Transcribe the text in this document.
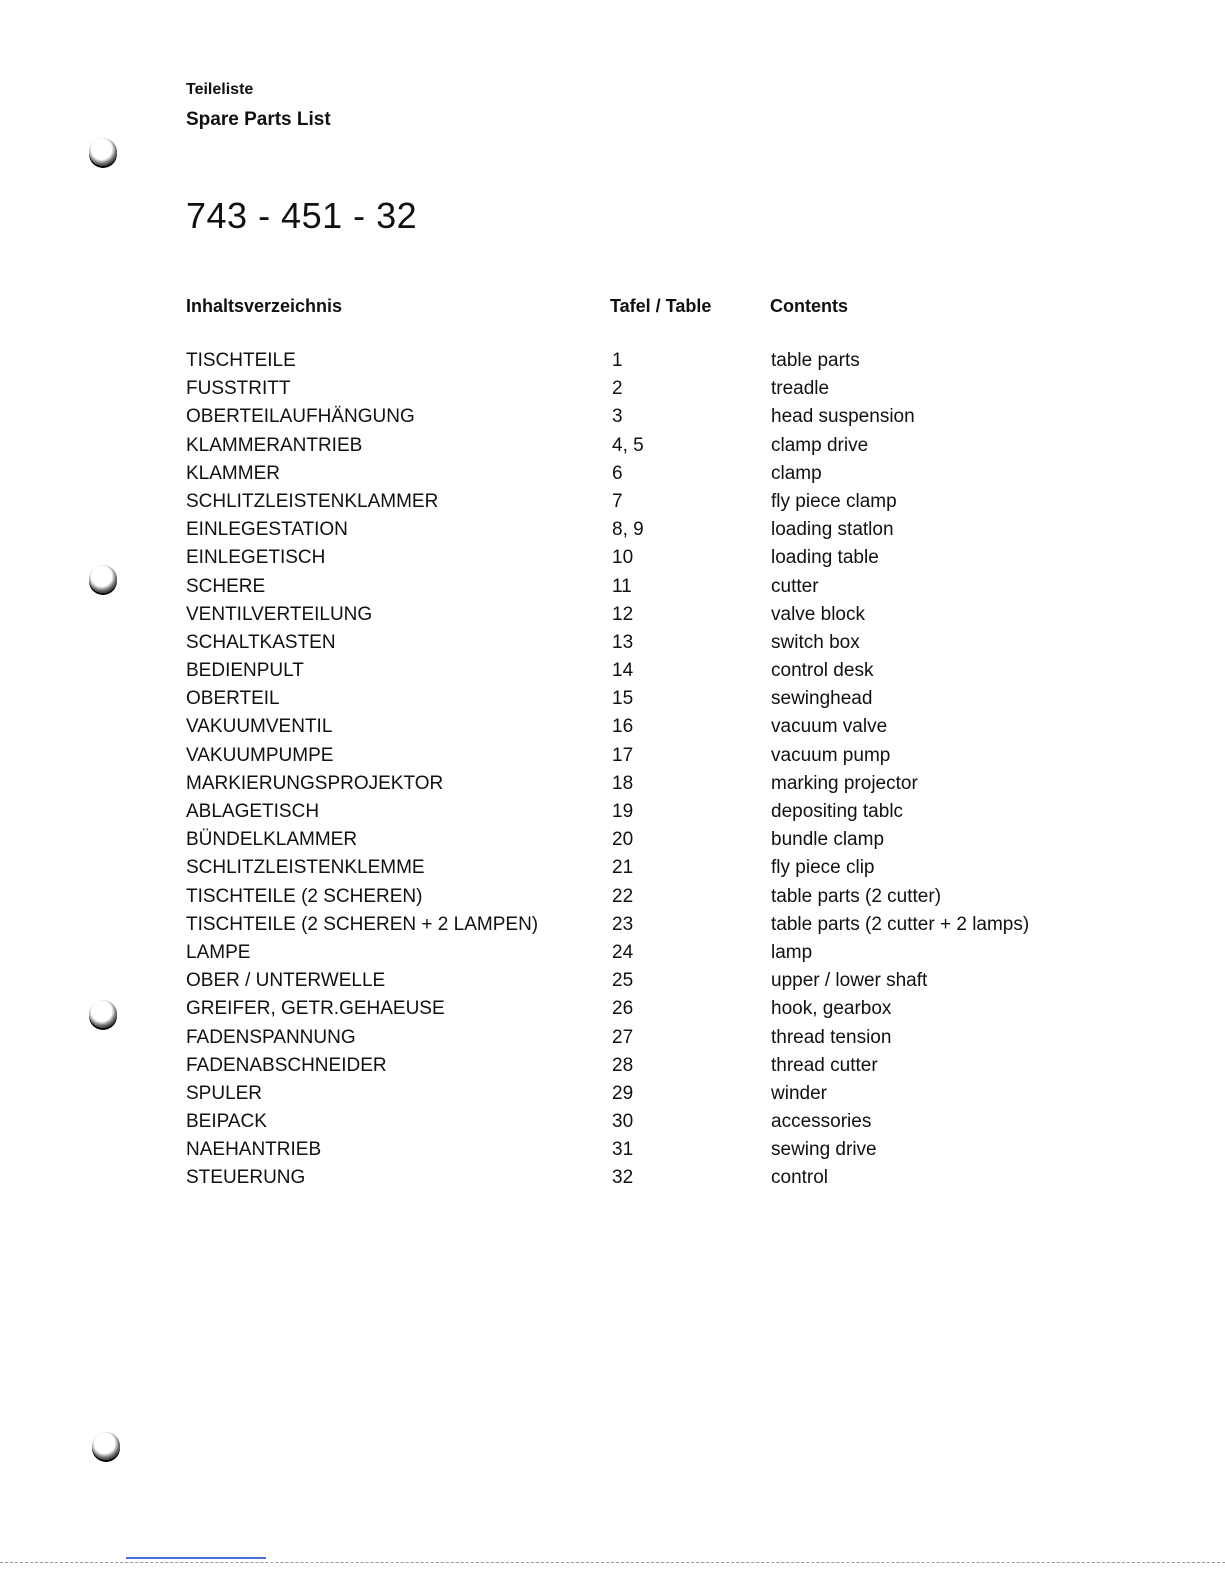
Teileliste
Spare Parts List
743 - 451 - 32
Inhaltsverzeichnis	Tafel / Table	Contents
TISCHTEILE	1	table parts
FUSSTRITT	2	treadle
OBERTEILAUFHÄNGUNG	3	head suspension
KLAMMERANTRIEB	4, 5	clamp drive
KLAMMER	6	clamp
SCHLITZLEISTENKLAMMER	7	fly piece clamp
EINLEGESTATION	8, 9	loading statlon
EINLEGETISCH	10	loading table
SCHERE	11	cutter
VENTILVERTEILUNG	12	valve block
SCHALTKASTEN	13	switch box
BEDIENPULT	14	control desk
OBERTEIL	15	sewinghead
VAKUUMVENTIL	16	vacuum valve
VAKUUMPUMPE	17	vacuum pump
MARKIERUNGSPROJEKTOR	18	marking projector
ABLAGETISCH	19	depositing tablc
BÜNDELKLAMMER	20	bundle clamp
SCHLITZLEISTENKLEMME	21	fly piece clip
TISCHTEILE (2 SCHEREN)	22	table parts (2 cutter)
TISCHTEILE (2 SCHEREN + 2 LAMPEN)	23	table parts (2 cutter + 2 lamps)
LAMPE	24	lamp
OBER / UNTERWELLE	25	upper / lower shaft
GREIFER, GETR.GEHAEUSE	26	hook, gearbox
FADENSPANNUNG	27	thread tension
FADENABSCHNEIDER	28	thread cutter
SPULER	29	winder
BEIPACK	30	accessories
NAEHANTRIEB	31	sewing drive
STEUERUNG	32	control
